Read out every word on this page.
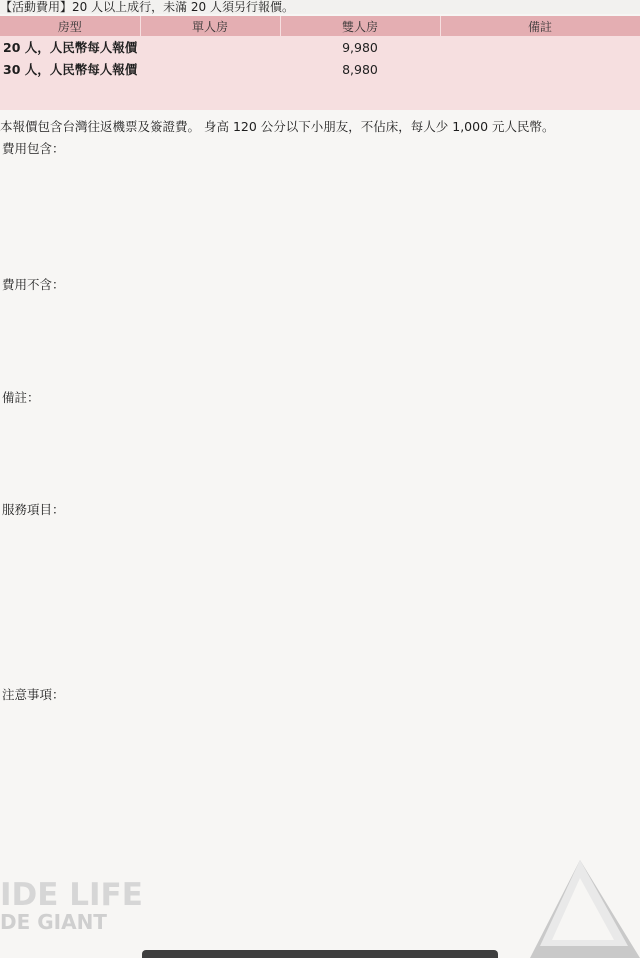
【活動費用】20 人以上成行，未滿 20 人須另行報價。
房型	單人房	雙人房	備註
20 人，人民幣每人報價		9,980	
30 人，人民幣每人報價		8,980	

本報價包含台灣往返機票及簽證費。 身高 120 公分以下小朋友，不佔床，每人少 1,000 元人民幣。
費用包含：
費用不含：
備註：
服務項目：
注意事項：
IDE LIFE
DE GIANT
